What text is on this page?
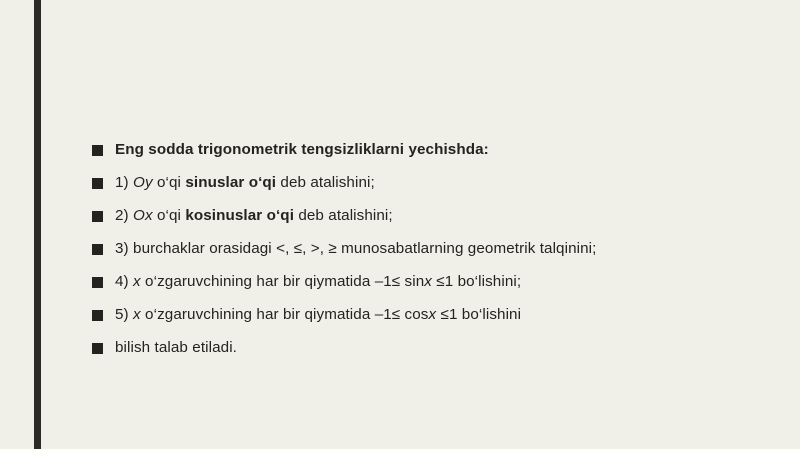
Eng sodda trigonometrik tengsizliklarni yechishda:
1) Oy o‘qi sinuslar o‘qi deb atalishini;
2) Ox o‘qi kosinuslar o‘qi deb atalishini;
3) burchaklar orasidagi <, ≤, >, ≥ munosabatlarning geometrik talqinini;
4) x o‘zgaruvchining har bir qiymatida –1≤ sinx ≤1 bo‘lishini;
5) x o‘zgaruvchining har bir qiymatida –1≤ cosx ≤1 bo‘lishini
bilish talab etiladi.
